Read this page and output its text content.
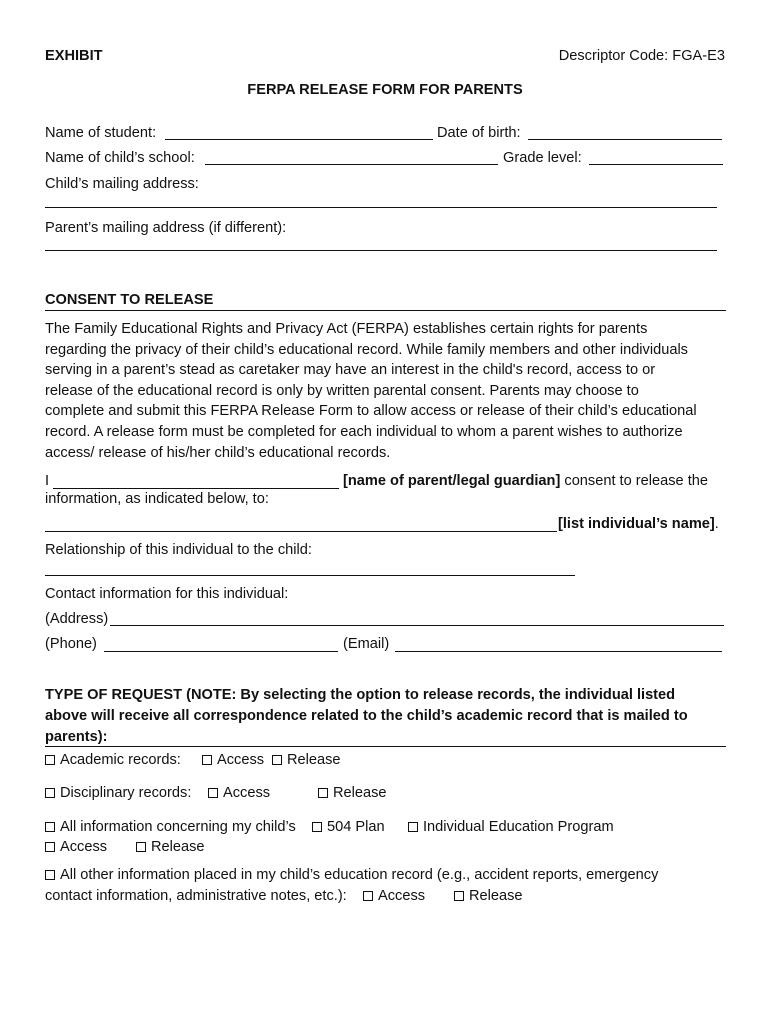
EXHIBIT	Descriptor Code: FGA-E3
FERPA RELEASE FORM FOR PARENTS
Name of student:	Date of birth:
Name of child’s school:	Grade level:
Child’s mailing address:
Parent’s mailing address (if different):
CONSENT TO RELEASE
The Family Educational Rights and Privacy Act (FERPA) establishes certain rights for parents
regarding the privacy of their child’s educational record. While family members and other individuals
serving in a parent’s stead as caretaker may have an interest in the child's record, access to or
release of the educational record is only by written parental consent. Parents may choose to
complete and submit this FERPA Release Form to allow access or release of their child’s educational
record. A release form must be completed for each individual to whom a parent wishes to authorize
access/ release of his/her child’s educational records.
I	[name of parent/legal guardian] consent to release the
information, as indicated below, to:
[list individual’s name].
Relationship of this individual to the child:
Contact information for this individual:
(Address)
(Phone)	(Email)
TYPE OF REQUEST (NOTE: By selecting the option to release records, the individual listed
above will receive all correspondence related to the child’s academic record that is mailed to
parents):
Academic records:	Access	Release
Disciplinary records:	Access	Release
All information concerning my child’s	504 Plan	Individual Education Program
Access	Release
All other information placed in my child’s education record (e.g., accident reports, emergency
contact information, administrative notes, etc.):	Access	Release
